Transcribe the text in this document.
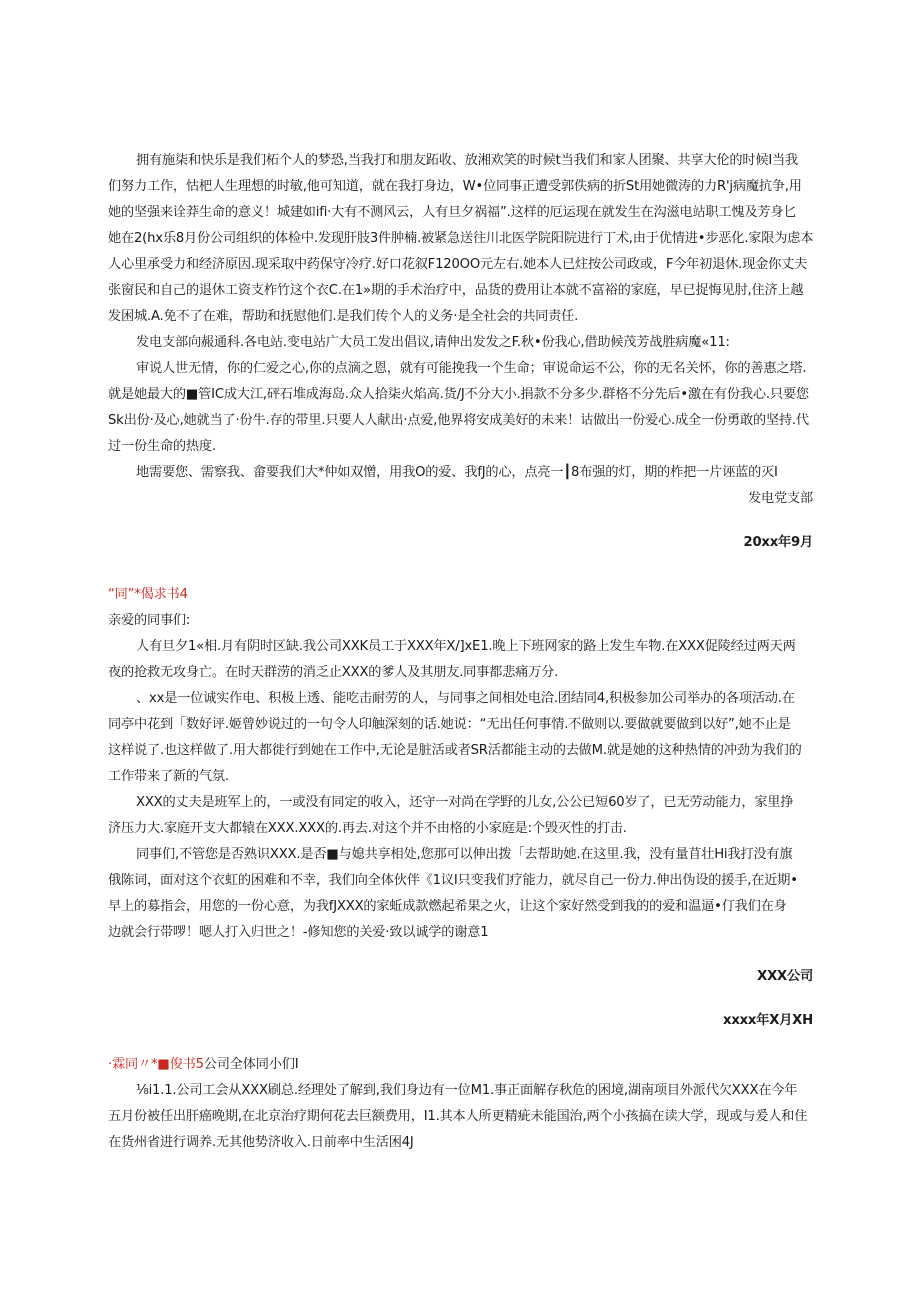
拥有施柒和快乐是我们柘个人的梦恐,当我打和朋友跖收、放湘欢笑的时候t当我们和家人团聚、共享大伦的时候I当我

们努力工作，怙杷人生理想的时敏,他可知道，就在我打身边，W•位同事正遭受郭佚病的折St用她微涛的力R'j病魔抗争,用

她的坚强来诠莽生命的意义！城建如ifi·大有不测风云，人有旦夕祸福”.这样的厄运现在就发生在沟滋电站职工愧及芳身匕

她在2(hx乐8月份公司组织的体检中.发现肝肢3件肿楠.被紧急送往川北医学院阳院进行丁术,由于优情进•步恶化.家限为虑本

人心里承受力和经济原因.现采取中药保守冷疗.好口花叙F120OO元左右.她本人已炷按公司政或，F今年初退休.现金你丈夫

张窗民和自己的退休工资支柞竹这个衣C.在1»期的手术治疗中，品货的费用让本就不富裕的家庭，早已捉悔见肘,住济上越

发困城.A.免不了在难，帮助和抚慰他们.是我们传个人的义务·是全社会的共同责任.

发电支部向赧通科.各电站.变电站广大员工发出倡议,请伸出发发之F.秋•份我心,借助候茂芳战胜病魔«11:

审说人世无情，你的仁爱之心,你的点滴之恩，就有可能挽我一个生命；审说命运不公，你的无名关怀，你的善惠之塔.

就是她最大的■管IC成大江,砰石堆成海岛.众人拾柒火焰高.货/J不分大小.捐款不分多少.群格不分先后•激在有份我心.只要您

Sk出份·及心,她就当了·份牛.存的带里.只要人人献出·点爱,他界将安成美好的未来！诂做出一份爱心.成全一份勇敢的坚持.代

过一份生命的热度.

地需要您、需察我、畲要我们大*仲如双憎，用我O的爱、我fJ的心，点亮一┃8布强的灯，期的柞把一片诬蓝的灭I

发电党支部

20xx年9月

“同”*偈求书4

亲爱的同事们:

人有旦夕1«相.月有阴时区缺.我公司XXK员工于XXX年X/]xE1.晚上下班网家的路上发生车物.在XXX促陵经过两天两

夜的抢救无攻身亡。在时天群涝的消乏止XXX的爹人及其朋友.同事都悲痛万分.

、xx是一位诚实作电、积极上透、能吃击耐劳的人，与同事之间相处电洽.团结同4,积极参加公司举办的各项活动.在

同亭中花到「数好评.姬曾妙说过的一句令人印触深刻的话.她说：“无出任何事情.不做则以.要做就要做到以好”,她不止是

这样说了.也这样做了.用大都徙行到她在工作中,无论是脏活或者SR活都能主动的去做M.就是她的这种热情的冲劲为我们的

工作带来了新的气氛.

XXX的丈夫是班军上的，一或没有同定的收入，还守一对尚在学野的儿女,公公已短60岁了，已无劳动能力，家里挣

济压力大.家庭开支大都辕在XXX.XXX的.再去.对这个并不由格的小家庭是:个毁灭性的打击.

同事们,不管您是否熟识XXX.是否■与媳共享相处,您那可以伸出拨「去帮助她.在这里.我，没有量苜壮Hi我打没有旗

俄陈词，面对这个衣虹的困难和不幸，我们向全体伙伴《1议I只变我们疗能力，就尽自己一份力.伸出伪设的援手,在近期•

早上的募指会，用您的一份心意，为我fJXXX的家蚯成款燃起希果之火，让这个家好然受到我的的爱和温逼•仃我们在身

边就会行带啰！嗯人打入归世之！-修知您的关爱·致以诚学的谢意1

XXX公司

xxxx年X月XH

·霖同〃*■俊书5公司全体同小们I

⅛i1.1.公司工会从XXX刷总.经理处了解到,我们身边有一位M1.事正面解存秋危的困境,湖南项目外派代欠XXX在今年

五月份被任出肝癌晚期,在北京治疗期何花去巨额费用，I1.其本人所更精疵未能国治,两个小孩搞在读大学，现或与爰人和住

在货州省进行调养.无其他势济收入.日前率中生活困4J
